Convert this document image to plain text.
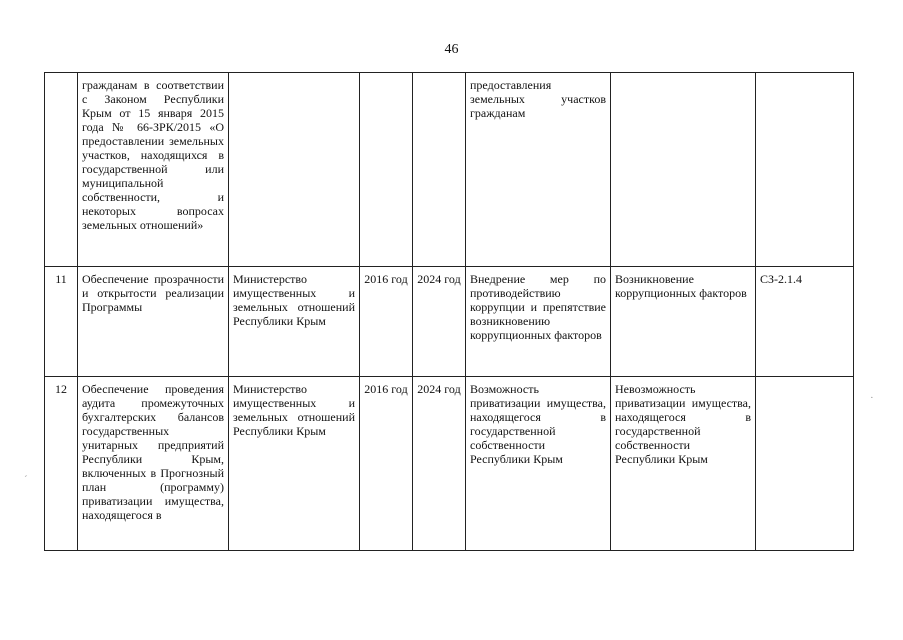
46
	гражданам в соответствии с Законом Республики Крым от 15 января 2015 года № 66-ЗРК/2015 «О предоставлении земельных участков, находящихся в государственной или муниципальной собственности, и некоторых вопросах земельных отношений»				предоставления земельных участков гражданам		
11	Обеспечение прозрачности и открытости реализации Программы	Министерство имущественных и земельных отношений Республики Крым	2016 год	2024 год	Внедрение мер по противодействию коррупции и препятствие возникновению коррупционных факторов	Возникновение коррупционных факторов	СЗ-2.1.4
12	Обеспечение проведения аудита промежуточных бухгалтерских балансов государственных унитарных предприятий Республики Крым, включенных в Прогнозный план (программу) приватизации имущества, находящегося в	Министерство имущественных и земельных отношений Республики Крым	2016 год	2024 год	Возможность приватизации имущества, находящегося в государственной собственности Республики Крым	Невозможность приватизации имущества, находящегося в государственной собственности Республики Крым	
´
·
